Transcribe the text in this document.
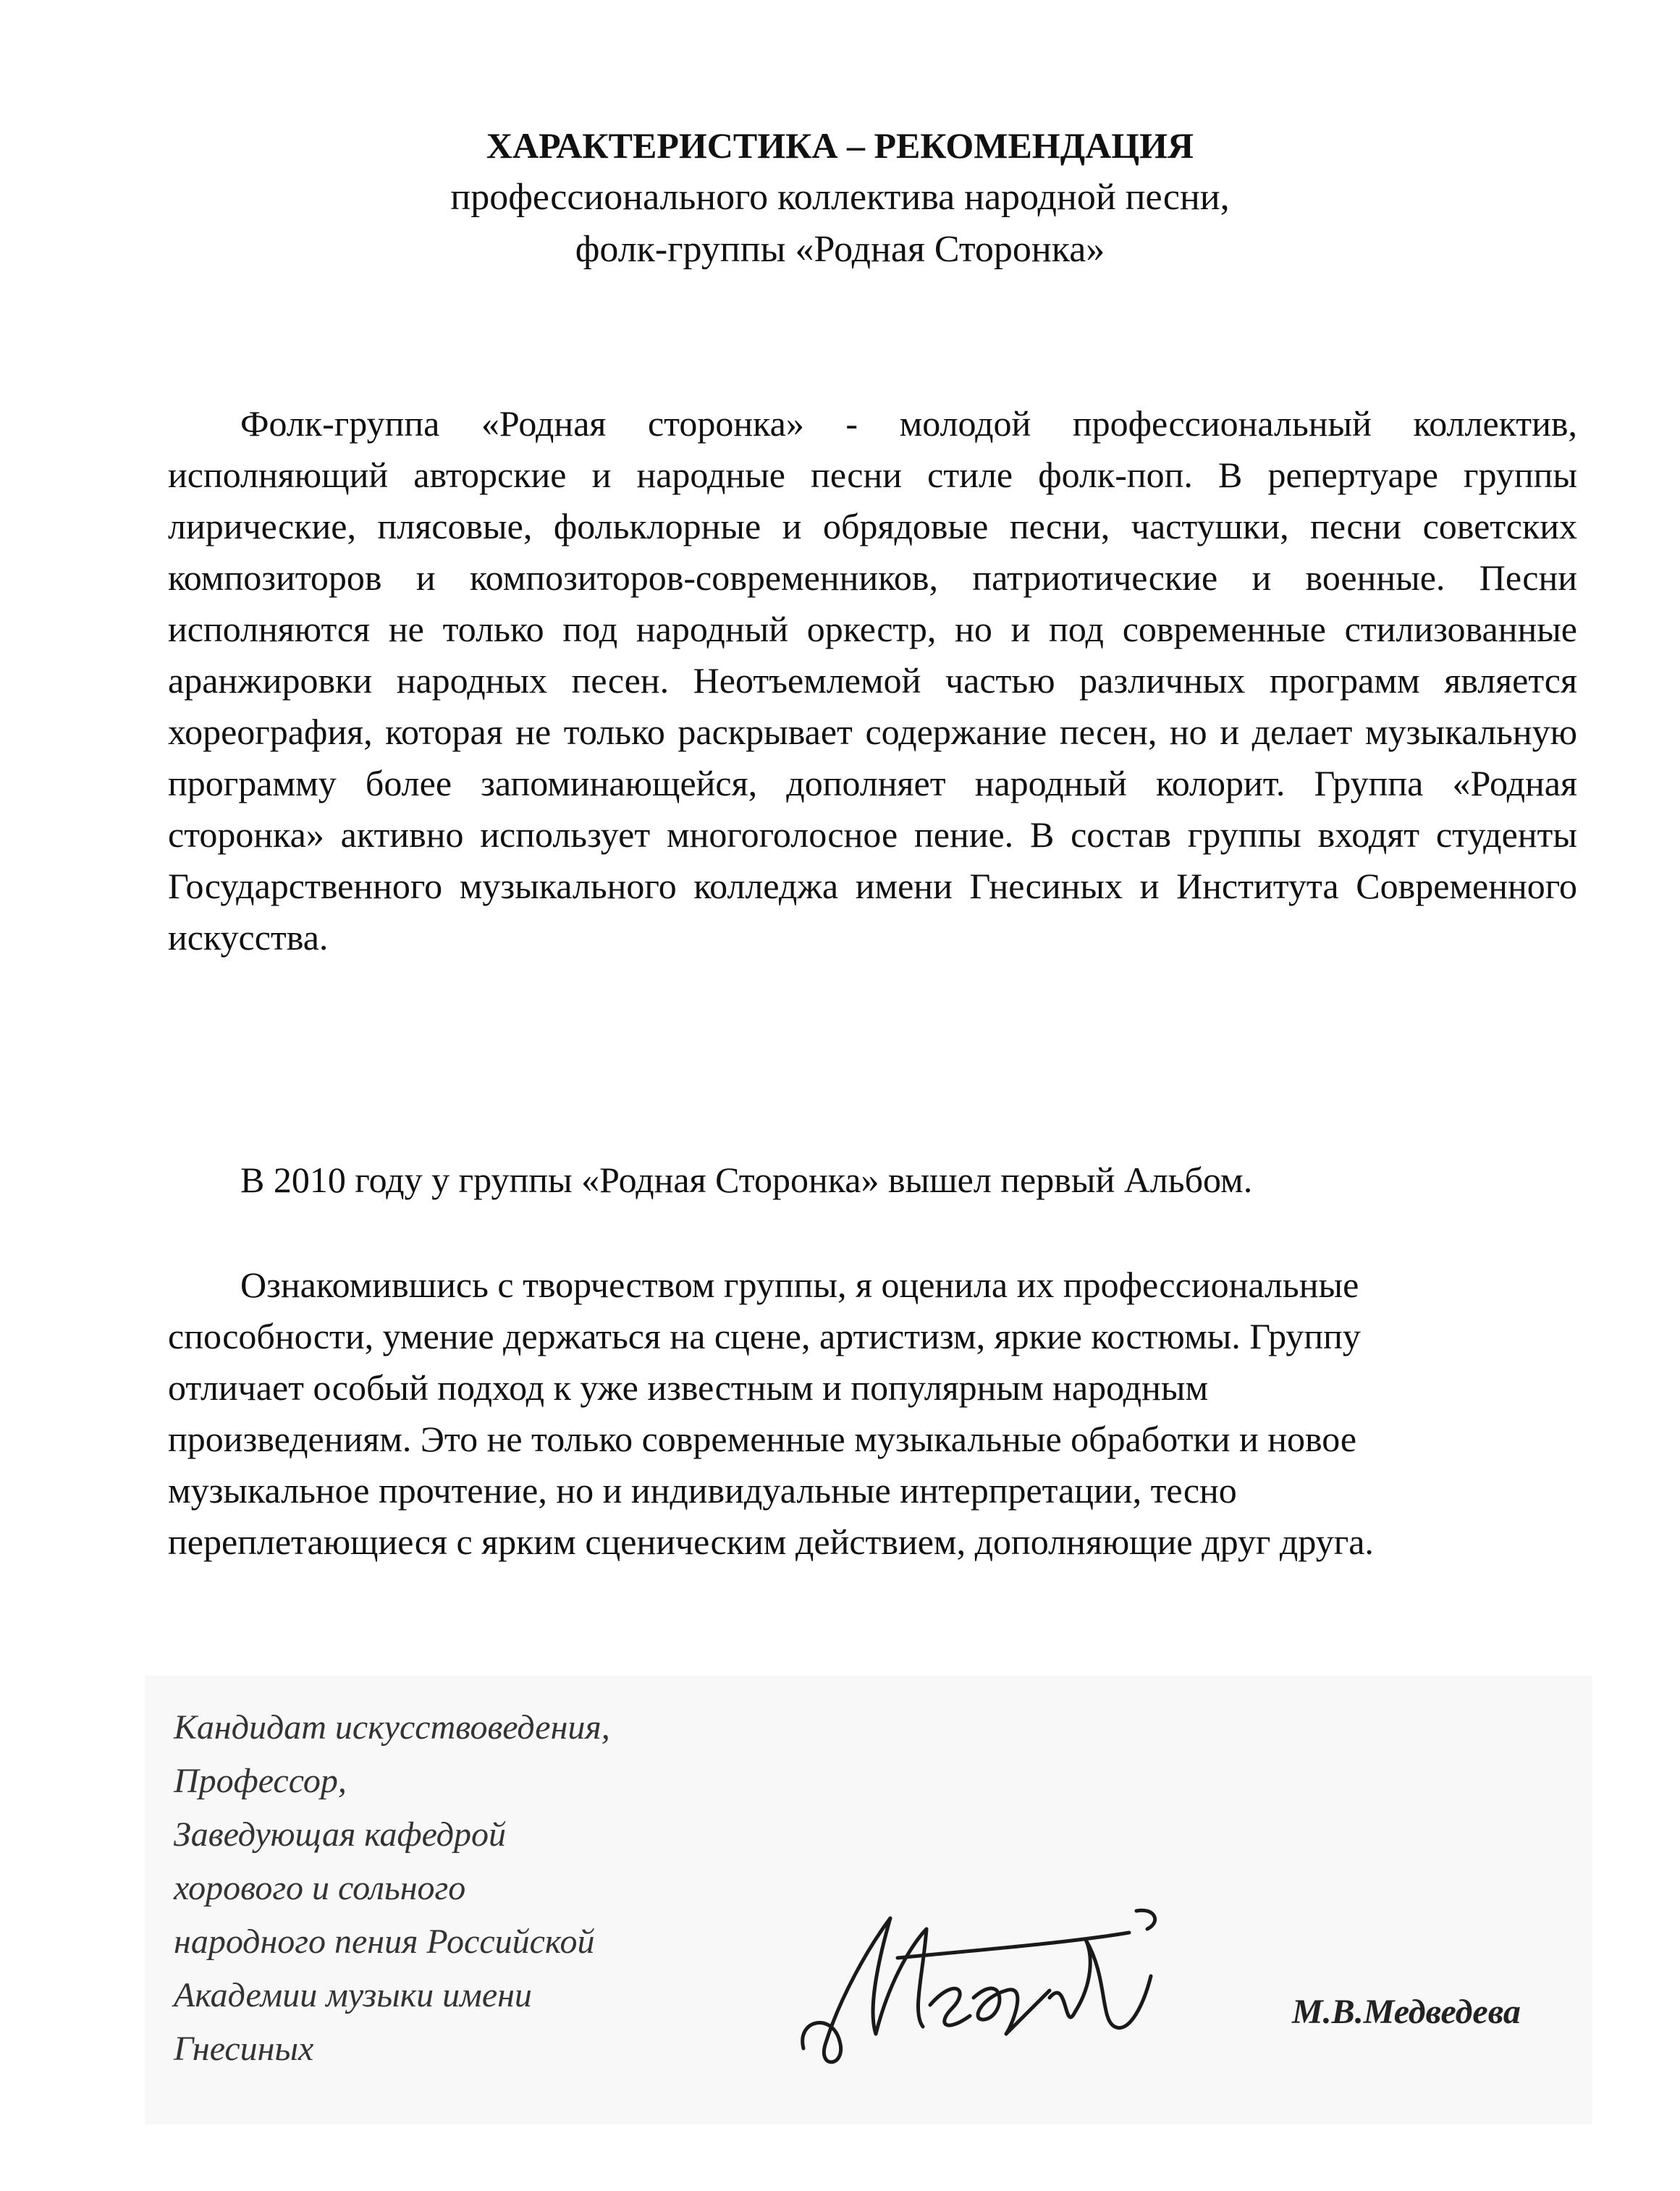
ХАРАКТЕРИСТИКА – РЕКОМЕНДАЦИЯ
профессионального коллектива народной песни,
фолк-группы «Родная Сторонка»

Фолк-группа «Родная сторонка» - молодой профессиональный коллектив, исполняющий авторские и народные песни стиле фолк-поп. В репертуаре группы лирические, плясовые, фольклорные и обрядовые песни, частушки, песни советских композиторов и композиторов-современников, патриотические и военные. Песни исполняются не только под народный оркестр, но и под современные стилизованные аранжировки народных песен. Неотъемлемой частью различных программ является хореография, которая не только раскрывает содержание песен, но и делает музыкальную программу более запоминающейся, дополняет народный колорит. Группа «Родная сторонка» активно использует многоголосное пение. В состав группы входят студенты Государственного музыкального колледжа имени Гнесиных и Института Современного искусства.

В 2010 году у группы «Родная Сторонка» вышел первый Альбом.

Ознакомившись с творчеством группы, я оценила их профессиональные
способности, умение держаться на сцене, артистизм, яркие костюмы. Группу
отличает особый подход к уже известным и популярным народным
произведениям. Это не только современные музыкальные обработки и новое
музыкальное прочтение, но и индивидуальные интерпретации, тесно
переплетающиеся с ярким сценическим действием, дополняющие друг друга.

Кандидат искусствоведения,
Профессор,
Заведующая кафедрой
хорового и сольного
народного пения Российской
Академии музыки имени
Гнесиных
М.В.Медведева
